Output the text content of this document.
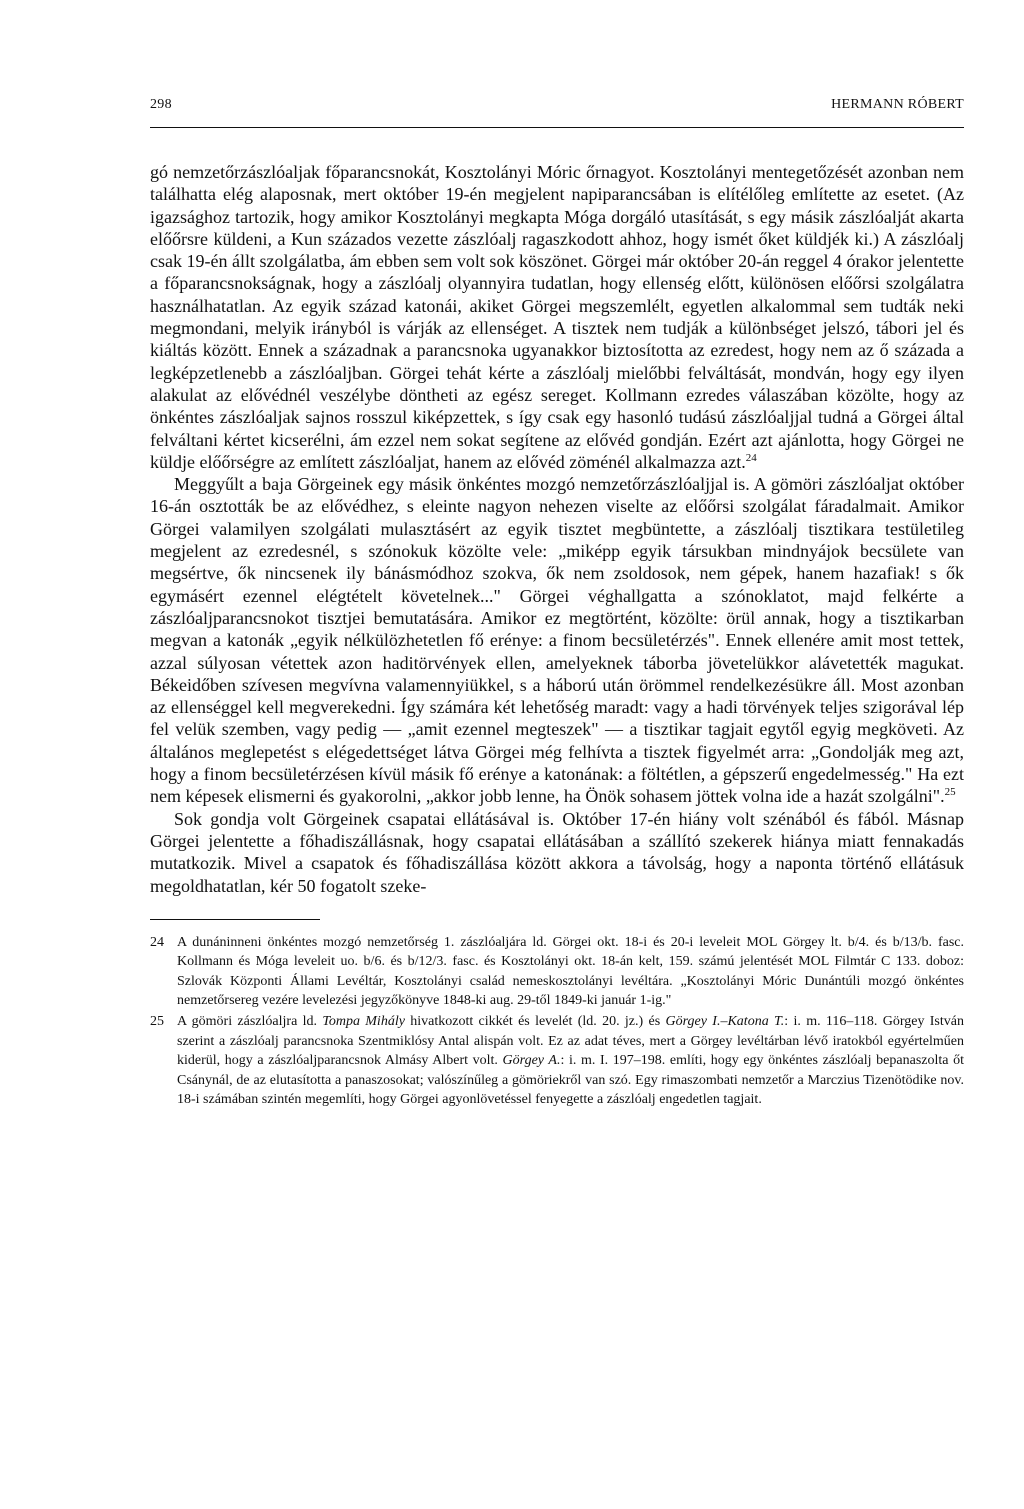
298	HERMANN RÓBERT

gó nemzetőrzászlóaljak főparancsnokát, Kosztolányi Móric őrnagyot. Kosztolányi mentegetőzését azonban nem találhatta elég alaposnak, mert október 19-én megjelent napiparancsában is elítélőleg említette az esetet. (Az igazsághoz tartozik, hogy amikor Kosztolányi megkapta Móga dorgáló utasítását, s egy másik zászlóalját akarta előőrsre küldeni, a Kun százados vezette zászlóalj ragaszkodott ahhoz, hogy ismét őket küldjék ki.) A zászlóalj csak 19-én állt szolgálatba, ám ebben sem volt sok köszönet. Görgei már október 20-án reggel 4 órakor jelentette a főparancsnokságnak, hogy a zászlóalj olyannyira tudatlan, hogy ellenség előtt, különösen előőrsi szolgálatra használhatatlan. Az egyik század katonái, akiket Görgei megszemlélt, egyetlen alkalommal sem tudták neki megmondani, melyik irányból is várják az ellenséget. A tisztek nem tudják a különbséget jelszó, tábori jel és kiáltás között. Ennek a századnak a parancsnoka ugyanakkor biztosította az ezredest, hogy nem az ő százada a legképzetlenebb a zászlóaljban. Görgei tehát kérte a zászlóalj mielőbbi felváltását, mondván, hogy egy ilyen alakulat az elővédnél veszélybe döntheti az egész sereget. Kollmann ezredes válaszában közölte, hogy az önkéntes zászlóaljak sajnos rosszul kiképzettek, s így csak egy hasonló tudású zászlóaljjal tudná a Görgei által felváltani kértet kicserélni, ám ezzel nem sokat segítene az elővéd gondján. Ezért azt ajánlotta, hogy Görgei ne küldje előőrségre az említett zászlóaljat, hanem az elővéd zöménél alkalmazza azt.$^{24}$

Meggyűlt a baja Görgeinek egy másik önkéntes mozgó nemzetőrzászlóaljjal is. A gömöri zászlóaljat október 16-án osztották be az elővédhez, s eleinte nagyon nehezen viselte az előőrsi szolgálat fáradalmait. Amikor Görgei valamilyen szolgálati mulasztásért az egyik tisztet megbüntette, a zászlóalj tisztikara testületileg megjelent az ezredesnél, s szónokuk közölte vele: „miképp egyik társukban mindnyájok becsülete van megsértve, ők nincsenek ily bánásmódhoz szokva, ők nem zsoldosok, nem gépek, hanem hazafiak! s ők egymásért ezennel elégtételt követelnek..." Görgei véghallgatta a szónoklatot, majd felkérte a zászlóaljparancsnokot tisztjei bemutatására. Amikor ez megtörtént, közölte: örül annak, hogy a tisztikarban megvan a katonák „egyik nélkülözhetetlen fő erénye: a finom becsületérzés". Ennek ellenére amit most tettek, azzal súlyosan vétettek azon haditörvények ellen, amelyeknek táborba jövetelükkor alávetették magukat. Békeidőben szívesen megvívna valamennyiükkel, s a háború után örömmel rendelkezésükre áll. Most azonban az ellenséggel kell megverekedni. Így számára két lehetőség maradt: vagy a hadi törvények teljes szigorával lép fel velük szemben, vagy pedig — „amit ezennel megteszek" — a tisztikar tagjait egytől egyig megköveti. Az általános meglepetést s elégedettséget látva Görgei még felhívta a tisztek figyelmét arra: „Gondolják meg azt, hogy a finom becsületérzésen kívül másik fő erénye a katonának: a föltétlen, a gépszerű engedelmesség." Ha ezt nem képesek elismerni és gyakorolni, „akkor jobb lenne, ha Önök sohasem jöttek volna ide a hazát szolgálni".$^{25}$

Sok gondja volt Görgeinek csapatai ellátásával is. Október 17-én hiány volt szénából és fából. Másnap Görgei jelentette a főhadiszállásnak, hogy csapatai ellátásában a szállító szekerek hiánya miatt fennakadás mutatkozik. Mivel a csapatok és főhadiszállása között akkora a távolság, hogy a naponta történő ellátásuk megoldhatatlan, kér 50 fogatolt szeke-

24 A dunáninneni önkéntes mozgó nemzetőrség 1. zászlóaljára ld. Görgei okt. 18-i és 20-i leveleit MOL Görgey lt. b/4. és b/13/b. fasc. Kollmann és Móga leveleit uo. b/6. és b/12/3. fasc. és Kosztolányi okt. 18-án kelt, 159. számú jelentését MOL Filmtár C 133. doboz: Szlovák Központi Állami Levéltár, Kosztolányi család nemeskosztolányi levéltára. „Kosztolányi Móric Dunántúli mozgó önkéntes nemzetőrsereg vezére levelezési jegyzőkönyve 1848-ki aug. 29-től 1849-ki január 1-ig."
25 A gömöri zászlóaljra ld. Tompa Mihály hivatkozott cikkét és levelét (ld. 20. jz.) és Görgey I.–Katona T.: i. m. 116–118. Görgey István szerint a zászlóalj parancsnoka Szentmiklósy Antal alispán volt. Ez az adat téves, mert a Görgey levéltárban lévő iratokból egyértelműen kiderül, hogy a zászlóaljparancsnok Almásy Albert volt. Görgey A.: i. m. I. 197–198. említi, hogy egy önkéntes zászlóalj bepanaszolta őt Csánynál, de az elutasította a panaszosokat; valószínűleg a gömöriekről van szó. Egy rimaszombati nemzetőr a Marczius Tizenötödike nov. 18-i számában szintén megemlíti, hogy Görgei agyonlövetéssel fenyegette a zászlóalj engedetlen tagjait.
